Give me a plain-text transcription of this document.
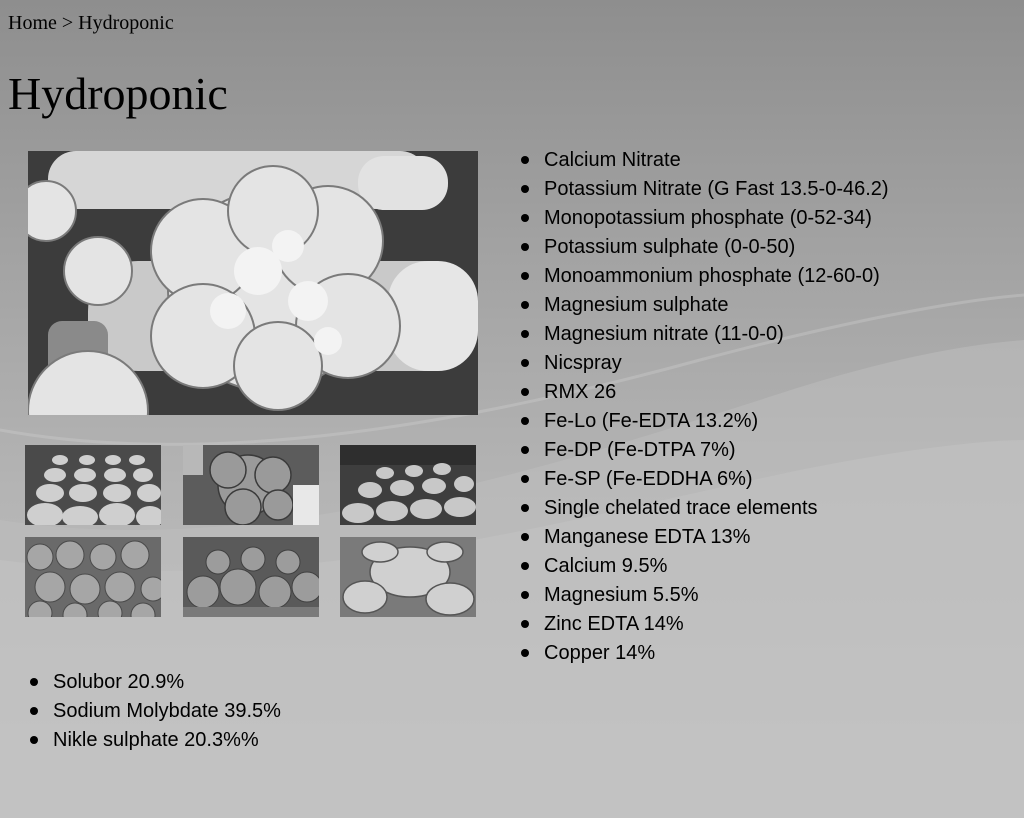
Home > Hydroponic
Hydroponic
Calcium Nitrate
Potassium Nitrate (G Fast 13.5-0-46.2)
Monopotassium phosphate (0-52-34)
Potassium sulphate (0-0-50)
Monoammonium phosphate (12-60-0)
Magnesium sulphate
Magnesium nitrate (11-0-0)
Nicspray
RMX 26
Fe-Lo (Fe-EDTA 13.2%)
Fe-DP (Fe-DTPA 7%)
Fe-SP (Fe-EDDHA 6%)
Single chelated trace elements
Manganese EDTA 13%
Calcium 9.5%
Magnesium 5.5%
Zinc EDTA 14%
Copper 14%
Solubor 20.9%
Sodium Molybdate 39.5%
Nikle sulphate 20.3%%
